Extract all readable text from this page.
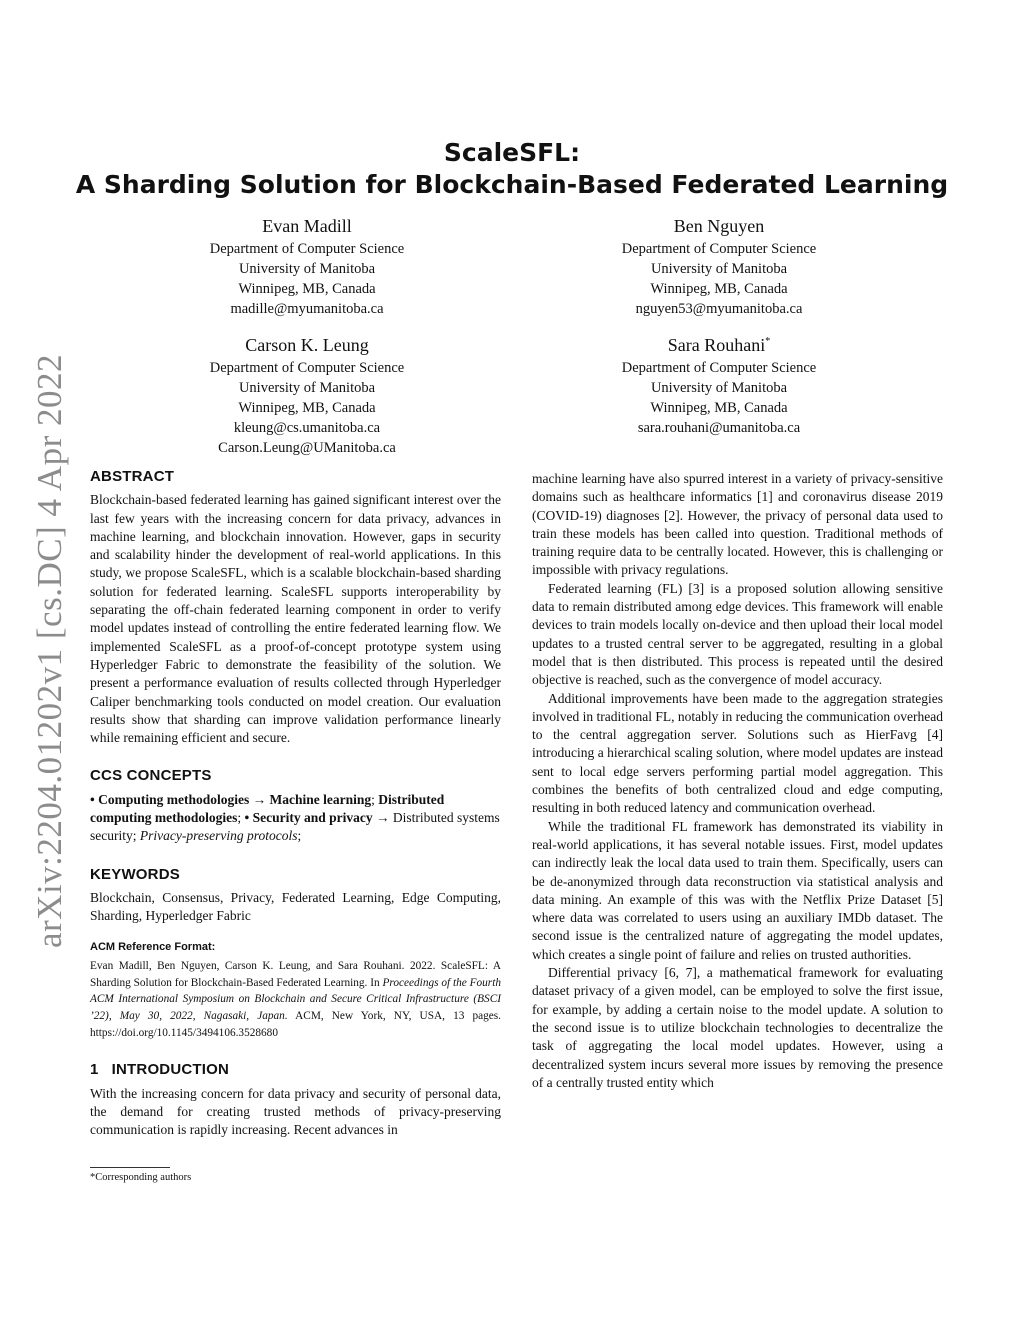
arXiv:2204.01202v1 [cs.DC] 4 Apr 2022
ScaleSFL:
A Sharding Solution for Blockchain-Based Federated Learning
Evan Madill
Department of Computer Science
University of Manitoba
Winnipeg, MB, Canada
madille@myumanitoba.ca
Ben Nguyen
Department of Computer Science
University of Manitoba
Winnipeg, MB, Canada
nguyen53@myumanitoba.ca
Carson K. Leung
Department of Computer Science
University of Manitoba
Winnipeg, MB, Canada
kleung@cs.umanitoba.ca
Carson.Leung@UManitoba.ca
Sara Rouhani*
Department of Computer Science
University of Manitoba
Winnipeg, MB, Canada
sara.rouhani@umanitoba.ca
ABSTRACT

Blockchain-based federated learning has gained significant interest over the last few years with the increasing concern for data privacy, advances in machine learning, and blockchain innovation. However, gaps in security and scalability hinder the development of real-world applications. In this study, we propose ScaleSFL, which is a scalable blockchain-based sharding solution for federated learning. ScaleSFL supports interoperability by separating the off-chain federated learning component in order to verify model updates instead of controlling the entire federated learning flow. We implemented ScaleSFL as a proof-of-concept prototype system using Hyperledger Fabric to demonstrate the feasibility of the solution. We present a performance evaluation of results collected through Hyperledger Caliper benchmarking tools conducted on model creation. Our evaluation results show that sharding can improve validation performance linearly while remaining efficient and secure.

CCS CONCEPTS

• Computing methodologies → Machine learning; Distributed computing methodologies; • Security and privacy → Distributed systems security; Privacy-preserving protocols;

KEYWORDS

Blockchain, Consensus, Privacy, Federated Learning, Edge Computing, Sharding, Hyperledger Fabric

ACM Reference Format:

Evan Madill, Ben Nguyen, Carson K. Leung, and Sara Rouhani. 2022. ScaleSFL: A Sharding Solution for Blockchain-Based Federated Learning. In Proceedings of the Fourth ACM International Symposium on Blockchain and Secure Critical Infrastructure (BSCI ’22), May 30, 2022, Nagasaki, Japan. ACM, New York, NY, USA, 13 pages. https://doi.org/10.1145/3494106.3528680

1   INTRODUCTION

With the increasing concern for data privacy and security of personal data, the demand for creating trusted methods of privacy-preserving communication is rapidly increasing. Recent advances in

*Corresponding authors

machine learning have also spurred interest in a variety of privacy-sensitive domains such as healthcare informatics [1] and coronavirus disease 2019 (COVID-19) diagnoses [2]. However, the privacy of personal data used to train these models has been called into question. Traditional methods of training require data to be centrally located. However, this is challenging or impossible with privacy regulations.

Federated learning (FL) [3] is a proposed solution allowing sensitive data to remain distributed among edge devices. This framework will enable devices to train models locally on-device and then upload their local model updates to a trusted central server to be aggregated, resulting in a global model that is then distributed. This process is repeated until the desired objective is reached, such as the convergence of model accuracy.

Additional improvements have been made to the aggregation strategies involved in traditional FL, notably in reducing the communication overhead to the central aggregation server. Solutions such as HierFavg [4] introducing a hierarchical scaling solution, where model updates are instead sent to local edge servers performing partial model aggregation. This combines the benefits of both centralized cloud and edge computing, resulting in both reduced latency and communication overhead.

While the traditional FL framework has demonstrated its viability in real-world applications, it has several notable issues. First, model updates can indirectly leak the local data used to train them. Specifically, users can be de-anonymized through data reconstruction via statistical analysis and data mining. An example of this was with the Netflix Prize Dataset [5] where data was correlated to users using an auxiliary IMDb dataset. The second issue is the centralized nature of aggregating the model updates, which creates a single point of failure and relies on trusted authorities.

Differential privacy [6, 7], a mathematical framework for evaluating dataset privacy of a given model, can be employed to solve the first issue, for example, by adding a certain noise to the model update. A solution to the second issue is to utilize blockchain technologies to decentralize the task of aggregating the local model updates. However, using a decentralized system incurs several more issues by removing the presence of a centrally trusted entity which
